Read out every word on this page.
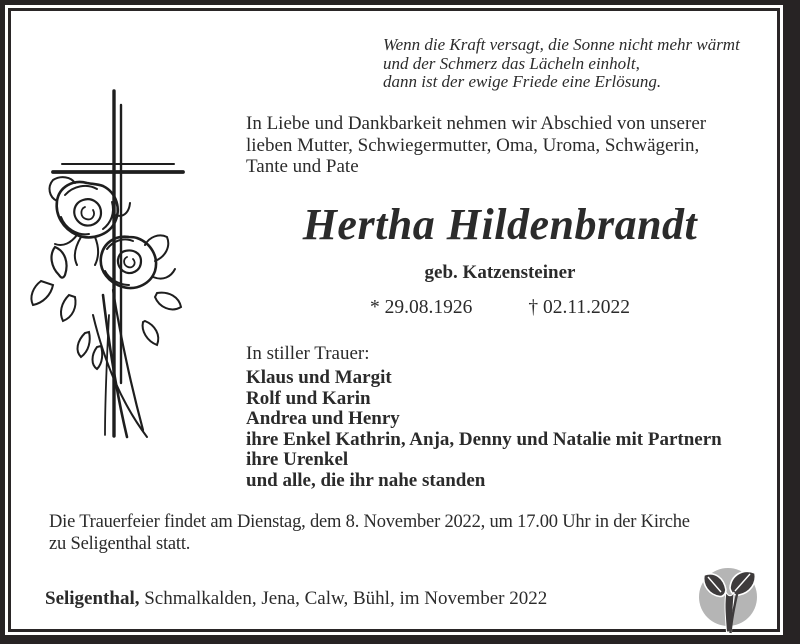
Wenn die Kraft versagt, die Sonne nicht mehr wärmt
und der Schmerz das Lächeln einholt,
dann ist der ewige Friede eine Erlösung.
In Liebe und Dankbarkeit nehmen wir Abschied von unserer
lieben Mutter, Schwiegermutter, Oma, Uroma, Schwägerin,
Tante und Pate
Hertha Hildenbrandt
geb. Katzensteiner
* 29.08.1926	† 02.11.2022
In stiller Trauer:
Klaus und Margit
Rolf und Karin
Andrea und Henry
ihre Enkel Kathrin, Anja, Denny und Natalie mit Partnern
ihre Urenkel
und alle, die ihr nahe standen
Die Trauerfeier findet am Dienstag, dem 8. November 2022, um 17.00 Uhr in der Kirche
zu Seligenthal statt.
Seligenthal, Schmalkalden, Jena, Calw, Bühl, im November 2022
